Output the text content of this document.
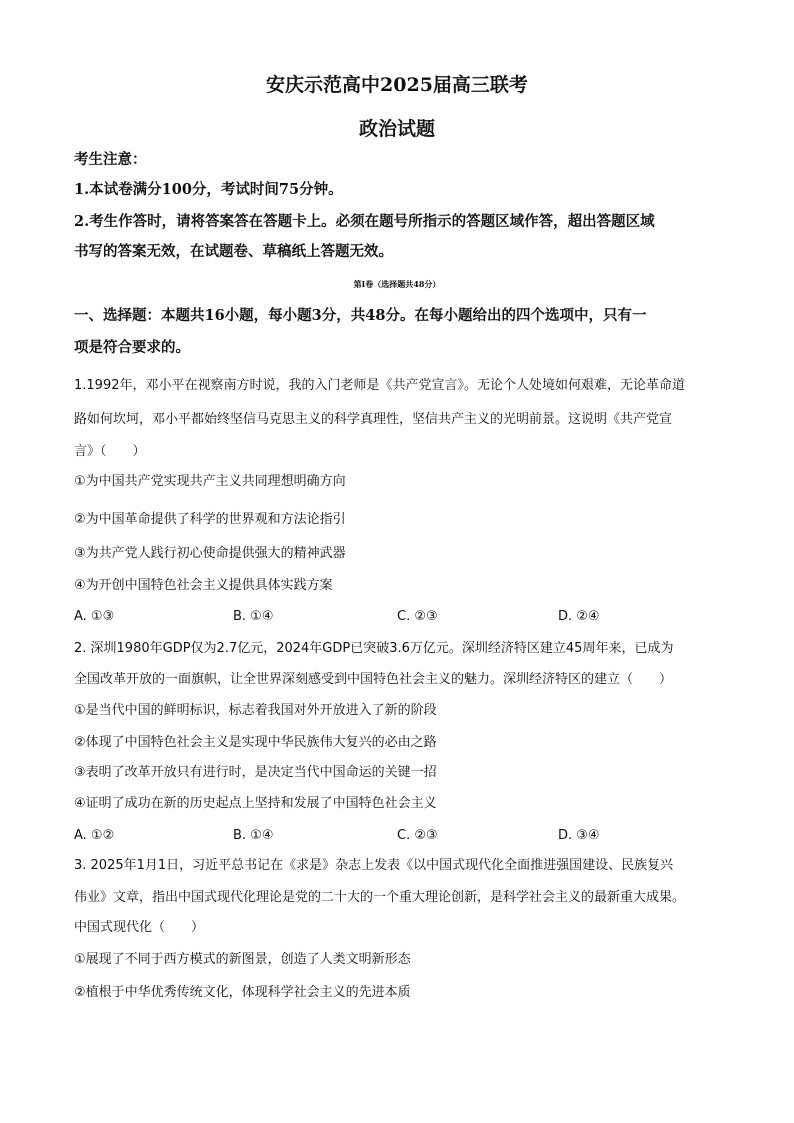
安庆示范高中2025届高三联考
政治试题
考生注意：
1.本试卷满分100分，考试时间75分钟。
2.考生作答时，请将答案答在答题卡上。必须在题号所指示的答题区域作答，超出答题区域
书写的答案无效，在试题卷、草稿纸上答题无效。
第Ⅰ卷（选择题共48分）
一、选择题：本题共16小题，每小题3分，共48分。在每小题给出的四个选项中，只有一
项是符合要求的。
1.1992年，邓小平在视察南方时说，我的入门老师是《共产党宣言》。无论个人处境如何艰难，无论革命道
路如何坎坷，邓小平都始终坚信马克思主义的科学真理性，坚信共产主义的光明前景。这说明《共产党宣
言》（　　）
①为中国共产党实现共产主义共同理想明确方向
②为中国革命提供了科学的世界观和方法论指引
③为共产党人践行初心使命提供强大的精神武器
④为开创中国特色社会主义提供具体实践方案
A. ①③	B. ①④	C. ②③	D. ②④
2. 深圳1980年GDP仅为2.7亿元，2024年GDP已突破3.6万亿元。深圳经济特区建立45周年来，已成为
全国改革开放的一面旗帜，让全世界深刻感受到中国特色社会主义的魅力。深圳经济特区的建立（　　）
①是当代中国的鲜明标识，标志着我国对外开放进入了新的阶段
②体现了中国特色社会主义是实现中华民族伟大复兴的必由之路
③表明了改革开放只有进行时，是决定当代中国命运的关键一招
④证明了成功在新的历史起点上坚持和发展了中国特色社会主义
A. ①②	B. ①④	C. ②③	D. ③④
3. 2025年1月1日，习近平总书记在《求是》杂志上发表《以中国式现代化全面推进强国建设、民族复兴
伟业》文章，指出中国式现代化理论是党的二十大的一个重大理论创新，是科学社会主义的最新重大成果。
中国式现代化（　　）
①展现了不同于西方模式的新图景，创造了人类文明新形态
②植根于中华优秀传统文化，体现科学社会主义的先进本质
